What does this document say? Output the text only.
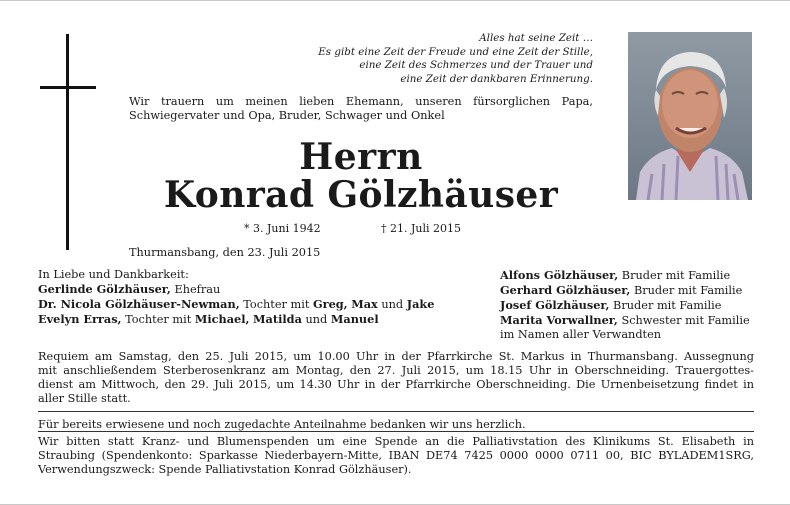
Alles hat seine Zeit …
Es gibt eine Zeit der Freude und eine Zeit der Stille,
eine Zeit des Schmerzes und der Trauer und
eine Zeit der dankbaren Erinnerung.
Wir trauern um meinen lieben Ehemann, unseren fürsorglichen Papa,
Schwiegervater und Opa, Bruder, Schwager und Onkel
Herrn
Konrad Gölzhäuser
* 3. Juni 1942	† 21. Juli 2015
Thurmansbang, den 23. Juli 2015
In Liebe und Dankbarkeit:
Gerlinde Gölzhäuser, Ehefrau
Dr. Nicola Gölzhäuser-Newman, Tochter mit Greg, Max und Jake
Evelyn Erras, Tochter mit Michael, Matilda und Manuel
Alfons Gölzhäuser, Bruder mit Familie
Gerhard Gölzhäuser, Bruder mit Familie
Josef Gölzhäuser, Bruder mit Familie
Marita Vorwallner, Schwester mit Familie
im Namen aller Verwandten
Requiem am Samstag, den 25. Juli 2015, um 10.00 Uhr in der Pfarrkirche St. Markus in Thurmansbang. Aussegnung
mit anschließendem Sterberosenkranz am Montag, den 27. Juli 2015, um 18.15 Uhr in Oberschneiding. Trauergottes-
dienst am Mittwoch, den 29. Juli 2015, um 14.30 Uhr in der Pfarrkirche Oberschneiding. Die Urnenbeisetzung findet in
aller Stille statt.
Für bereits erwiesene und noch zugedachte Anteilnahme bedanken wir uns herzlich.
Wir bitten statt Kranz- und Blumenspenden um eine Spende an die Palliativstation des Klinikums St. Elisabeth in
Straubing (Spendenkonto: Sparkasse Niederbayern-Mitte, IBAN DE74 7425 0000 0000 0711 00, BIC BYLADEM1SRG,
Verwendungszweck: Spende Palliativstation Konrad Gölzhäuser).
